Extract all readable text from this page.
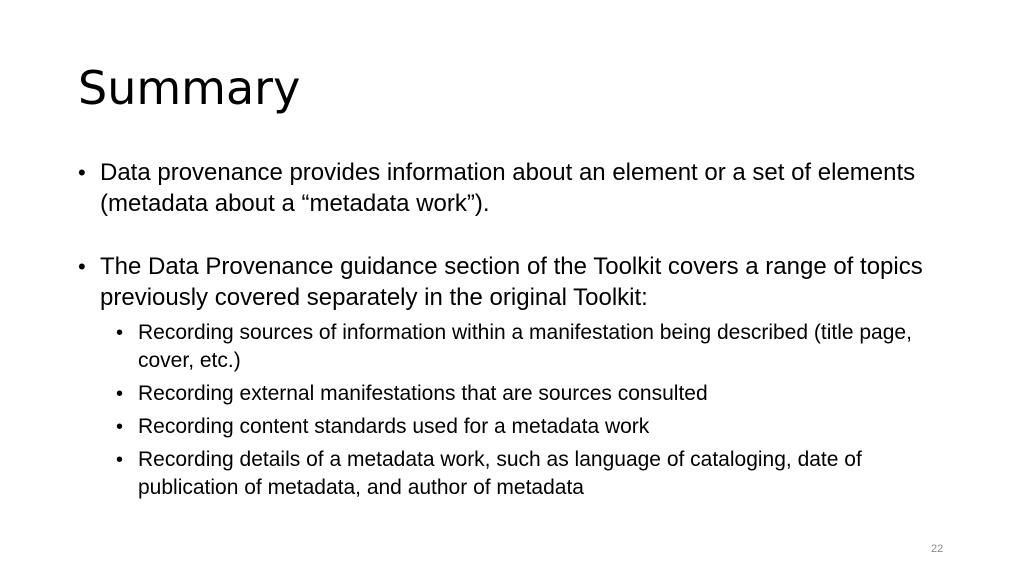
Summary
• Data provenance provides information about an element or a set of elements (metadata about a “metadata work”).
• The Data Provenance guidance section of the Toolkit covers a range of topics previously covered separately in the original Toolkit:
• Recording sources of information within a manifestation being described (title page, cover, etc.)
• Recording external manifestations that are sources consulted
• Recording content standards used for a metadata work
• Recording details of a metadata work, such as language of cataloging, date of publication of metadata, and author of metadata
22
